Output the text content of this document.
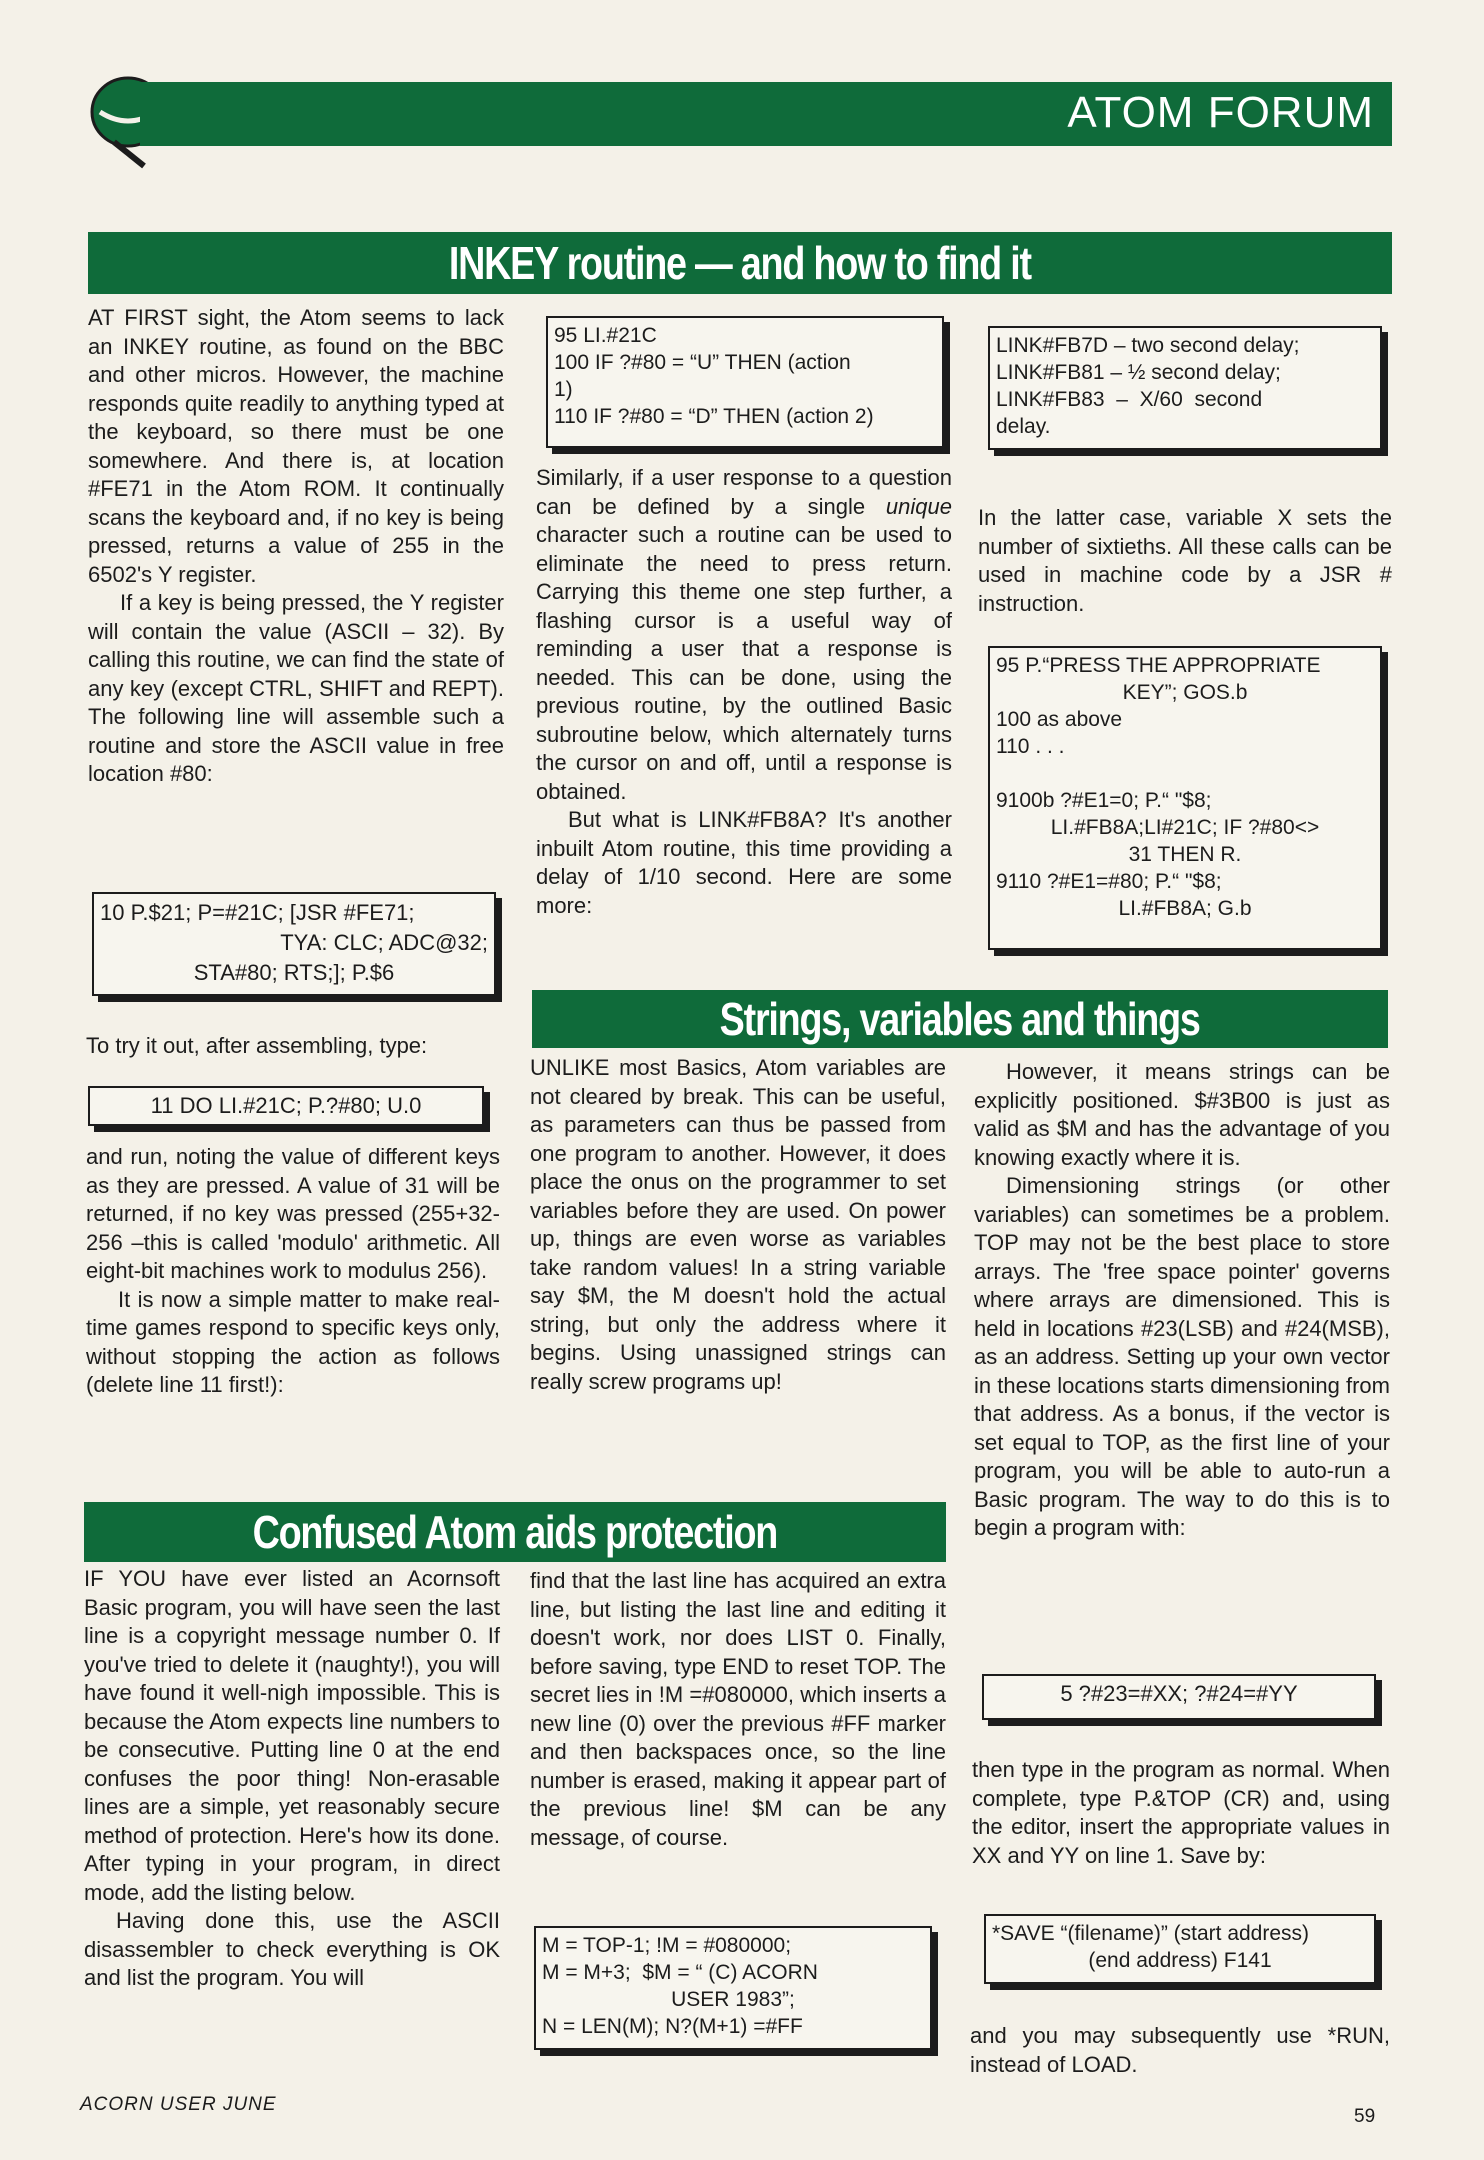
ATOM FORUM
INKEY routine — and how to find it

AT FIRST sight, the Atom seems to lack an INKEY routine, as found on the BBC and other micros. However, the machine responds quite readily to anything typed at the keyboard, so there must be one somewhere. And there is, at location #FE71 in the Atom ROM. It continually scans the keyboard and, if no key is being pressed, returns a value of 255 in the 6502's Y register.

If a key is being pressed, the Y register will contain the value (ASCII – 32). By calling this routine, we can find the state of any key (except CTRL, SHIFT and REPT). The following line will assemble such a routine and store the ASCII value in free location #80:

10 P.$21; P=#21C; [JSR #FE71;
TYA: CLC; ADC@32;
STA#80; RTS;]; P.$6
To try it out, after assembling, type:
11 DO LI.#21C; P.?#80; U.0

and run, noting the value of different keys as they are pressed. A value of 31 will be returned, if no key was pressed (255+32-256 –this is called 'modulo' arithmetic. All eight-bit machines work to modulus 256).

It is now a simple matter to make real-time games respond to specific keys only, without stopping the action as follows (delete line 11 first!):

95 LI.#21C
100 IF ?#80 = “U” THEN (action
1)
110 IF ?#80 = “D” THEN (action 2)

Similarly, if a user response to a question can be defined by a single unique character such a routine can be used to eliminate the need to press return. Carrying this theme one step further, a flashing cursor is a useful way of reminding a user that a response is needed. This can be done, using the previous routine, by the outlined Basic subroutine below, which alternately turns the cursor on and off, until a response is obtained.

But what is LINK#FB8A? It's another inbuilt Atom routine, this time providing a delay of 1/10 second. Here are some more:

LINK#FB7D – two second delay;
LINK#FB81 – ½ second delay;
LINK#FB83  –  X/60  second
delay.

In the latter case, variable X sets the number of sixtieths. All these calls can be used in machine code by a JSR # instruction.

95 P.“PRESS THE APPROPRIATE
KEY”; GOS.b
100 as above
110 . . .
9100b ?#E1=0; P.“ "$8;
LI.#FB8A;LI#21C; IF ?#80<>
31 THEN R.
9110 ?#E1=#80; P.“ "$8;
LI.#FB8A; G.b
Strings, variables and things

UNLIKE most Basics, Atom variables are not cleared by break. This can be useful, as parameters can thus be passed from one program to another. However, it does place the onus on the programmer to set variables before they are used. On power up, things are even worse as variables take random values! In a string variable say $M, the M doesn't hold the actual string, but only the address where it begins. Using unassigned strings can really screw programs up!

However, it means strings can be explicitly positioned. $#3B00 is just as valid as $M and has the advantage of you knowing exactly where it is.

Dimensioning strings (or other variables) can sometimes be a problem. TOP may not be the best place to store arrays. The 'free space pointer' governs where arrays are dimensioned. This is held in locations #23(LSB) and #24(MSB), as an address. Setting up your own vector in these locations starts dimensioning from that address. As a bonus, if the vector is set equal to TOP, as the first line of your program, you will be able to auto-run a Basic program. The way to do this is to begin a program with:

5 ?#23=#XX; ?#24=#YY

then type in the program as normal. When complete, type P.&TOP (CR) and, using the editor, insert the appropriate values in XX and YY on line 1. Save by:

*SAVE “(filename)” (start address)
(end address) F141

and you may subsequently use *RUN, instead of LOAD.

Confused Atom aids protection

IF YOU have ever listed an Acornsoft Basic program, you will have seen the last line is a copyright message number 0. If you've tried to delete it (naughty!), you will have found it well-nigh impossible. This is because the Atom expects line numbers to be consecutive. Putting line 0 at the end confuses the poor thing! Non-erasable lines are a simple, yet reasonably secure method of protection. Here's how its done. After typing in your program, in direct mode, add the listing below.

Having done this, use the ASCII disassembler to check everything is OK and list the program. You will

find that the last line has acquired an extra line, but listing the last line and editing it doesn't work, nor does LIST 0. Finally, before saving, type END to reset TOP. The secret lies in !M =#080000, which inserts a new line (0) over the previous #FF marker and then backspaces once, so the line number is erased, making it appear part of the previous line! $M can be any message, of course.

M = TOP-1; !M = #080000;
M = M+3;  $M = “ (C) ACORN
USER 1983”;
N = LEN(M); N?(M+1) =#FF
ACORN USER JUNE
59
